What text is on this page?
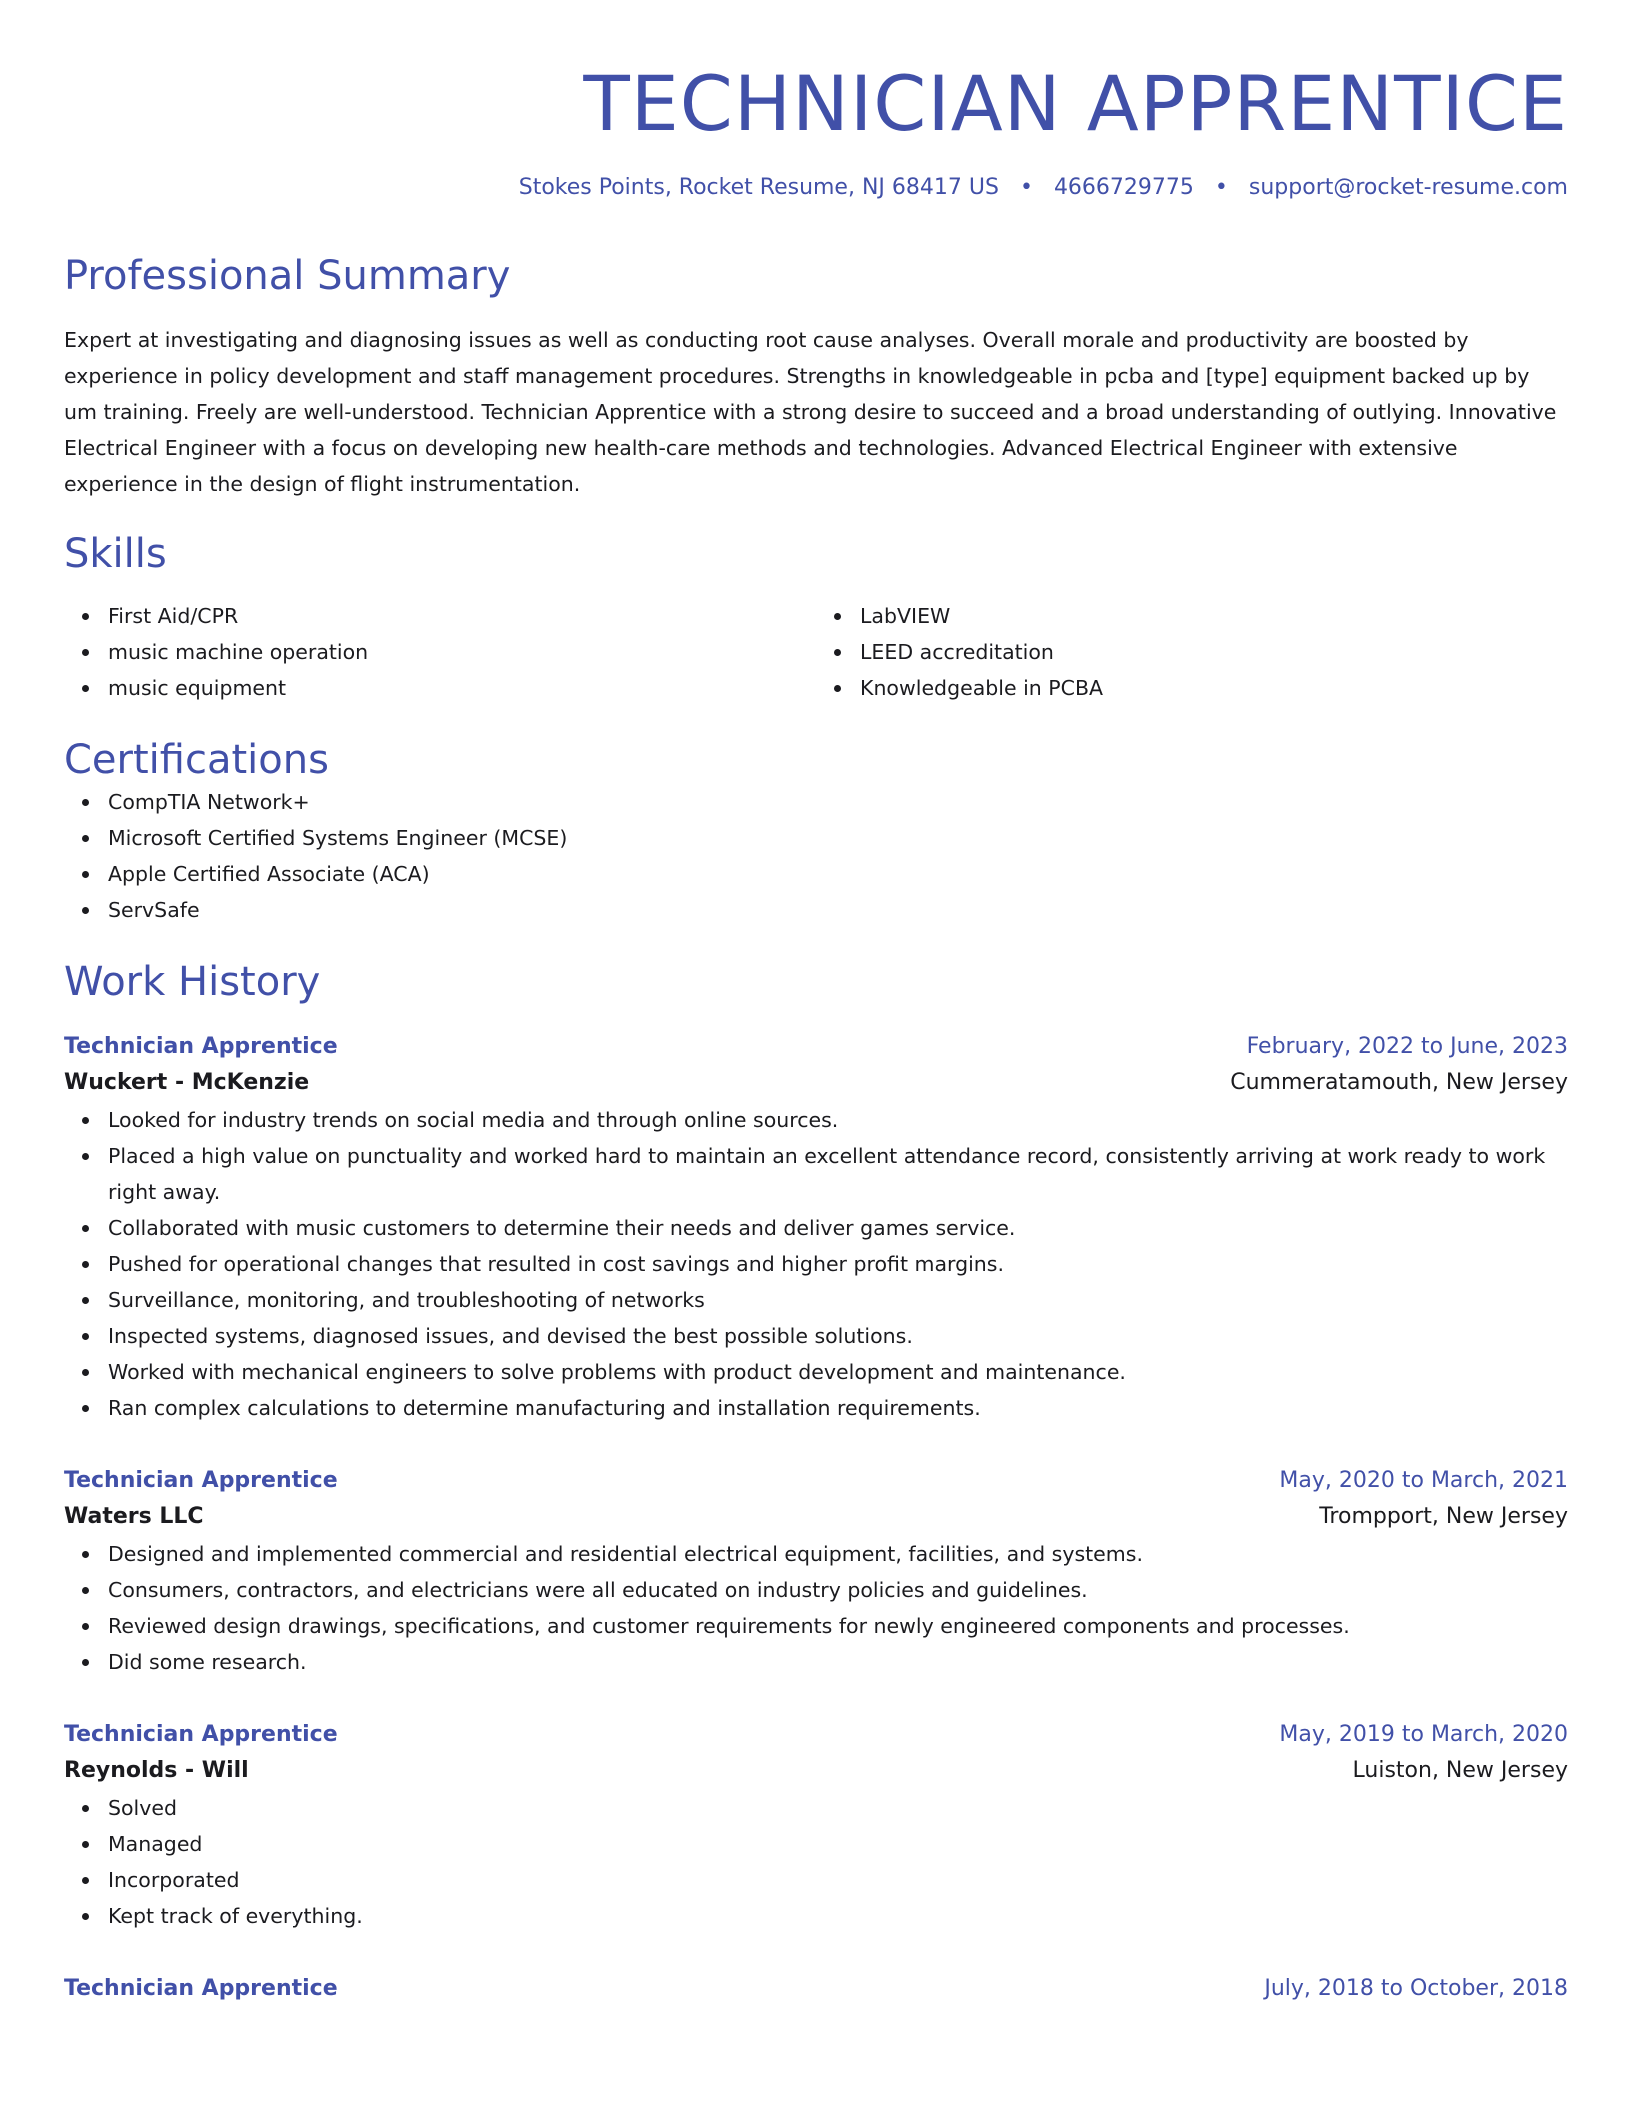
TECHNICIAN APPRENTICE
Stokes Points, Rocket Resume, NJ 68417 US • 4666729775 • support@rocket-resume.com
Professional Summary

Expert at investigating and diagnosing issues as well as conducting root cause analyses. Overall morale and productivity are boosted by experience in policy development and staff management procedures. Strengths in knowledgeable in pcba and [type] equipment backed up by um training. Freely are well-understood. Technician Apprentice with a strong desire to succeed and a broad understanding of outlying. Innovative Electrical Engineer with a focus on developing new health-care methods and technologies. Advanced Electrical Engineer with extensive experience in the design of flight instrumentation.

Skills
First Aid/CPR
music machine operation
music equipment
LabVIEW
LEED accreditation
Knowledgeable in PCBA
Certifications
CompTIA Network+
Microsoft Certified Systems Engineer (MCSE)
Apple Certified Associate (ACA)
ServSafe
Work History
Technician Apprentice	February, 2022 to June, 2023
Wuckert - McKenzie	Cummeratamouth, New Jersey
Looked for industry trends on social media and through online sources.
Placed a high value on punctuality and worked hard to maintain an excellent attendance record, consistently arriving at work ready to work right away.
Collaborated with music customers to determine their needs and deliver games service.
Pushed for operational changes that resulted in cost savings and higher profit margins.
Surveillance, monitoring, and troubleshooting of networks
Inspected systems, diagnosed issues, and devised the best possible solutions.
Worked with mechanical engineers to solve problems with product development and maintenance.
Ran complex calculations to determine manufacturing and installation requirements.
Technician Apprentice	May, 2020 to March, 2021
Waters LLC	Trompport, New Jersey
Designed and implemented commercial and residential electrical equipment, facilities, and systems.
Consumers, contractors, and electricians were all educated on industry policies and guidelines.
Reviewed design drawings, specifications, and customer requirements for newly engineered components and processes.
Did some research.
Technician Apprentice	May, 2019 to March, 2020
Reynolds - Will	Luiston, New Jersey
Solved
Managed
Incorporated
Kept track of everything.
Technician Apprentice	July, 2018 to October, 2018
